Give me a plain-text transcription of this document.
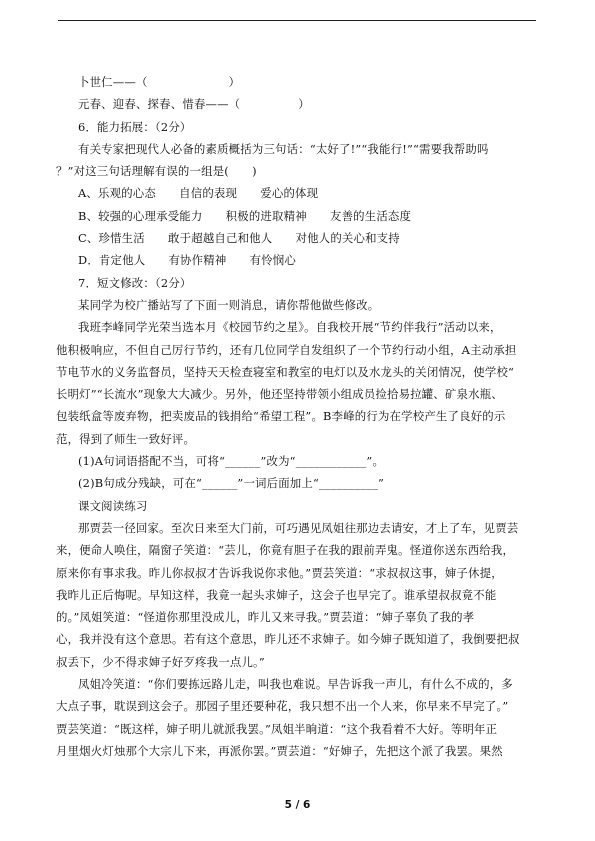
卜世仁——（　　　　　　　）
元春、迎春、探春、惜春——（　　　　　）
6．能力拓展：（2分）
有关专家把现代人必备的素质概括为三句话：“太好了!”“我能行!”“需要我帮助吗
？”对这三句话理解有误的一组是(　　)
A、乐观的心态　　自信的表现　　爱心的体现
B、较强的心理承受能力　　积极的进取精神　　友善的生活态度
C、珍惜生活　　敢于超越自己和他人　　对他人的关心和支持
D．肯定他人　　有协作精神　　有怜悯心
7．短文修改：（2分）
某同学为校广播站写了下面一则消息，请你帮他做些修改。
我班李峰同学光荣当选本月《校园节约之星》。自我校开展“节约伴我行”活动以来，
他积极响应，不但自己厉行节约，还有几位同学自发组织了一个节约行动小组，A主动承担
节电节水的义务监督员，坚持天天检查寝室和教室的电灯以及水龙头的关闭情况，使学校“
长明灯”“长流水”现象大大减少。另外，他还坚持带领小组成员捡拾易拉罐、矿泉水瓶、
包装纸盒等废弃物，把卖废品的钱捐给“希望工程”。B李峰的行为在学校产生了良好的示
范，得到了师生一致好评。
(1)A句词语搭配不当，可将“______”改为“____________”。
(2)B句成分残缺，可在“______”一词后面加上“__________”
课文阅读练习
那贾芸一径回家。至次日来至大门前，可巧遇见凤姐往那边去请安，才上了车，见贾芸
来，便命人唤住，隔窗子笑道：“芸儿，你竟有胆子在我的跟前弄鬼。怪道你送东西给我，
原来你有事求我。昨儿你叔叔才告诉我说你求他。”贾芸笑道：“求叔叔这事，婶子休提，
我昨儿正后悔呢。早知这样，我竟一起头求婶子，这会子也早完了。谁承望叔叔竟不能
的。”凤姐笑道：“怪道你那里没成儿，昨儿又来寻我。”贾芸道：“婶子辜负了我的孝
心，我并没有这个意思。若有这个意思，昨儿还不求婶子。如今婶子既知道了，我倒要把叔
叔丢下，少不得求婶子好歹疼我一点儿。”
凤姐冷笑道：“你们要拣远路儿走，叫我也难说。早告诉我一声儿，有什么不成的，多
大点子事，耽误到这会子。那园子里还要种花，我只想不出一个人来，你早来不早完了。”
贾芸笑道：“既这样，婶子明儿就派我罢。”凤姐半晌道：“这个我看着不大好。等明年正
月里烟火灯烛那个大宗儿下来，再派你罢。”贾芸道：“好婶子，先把这个派了我罢。果然
5 / 6
